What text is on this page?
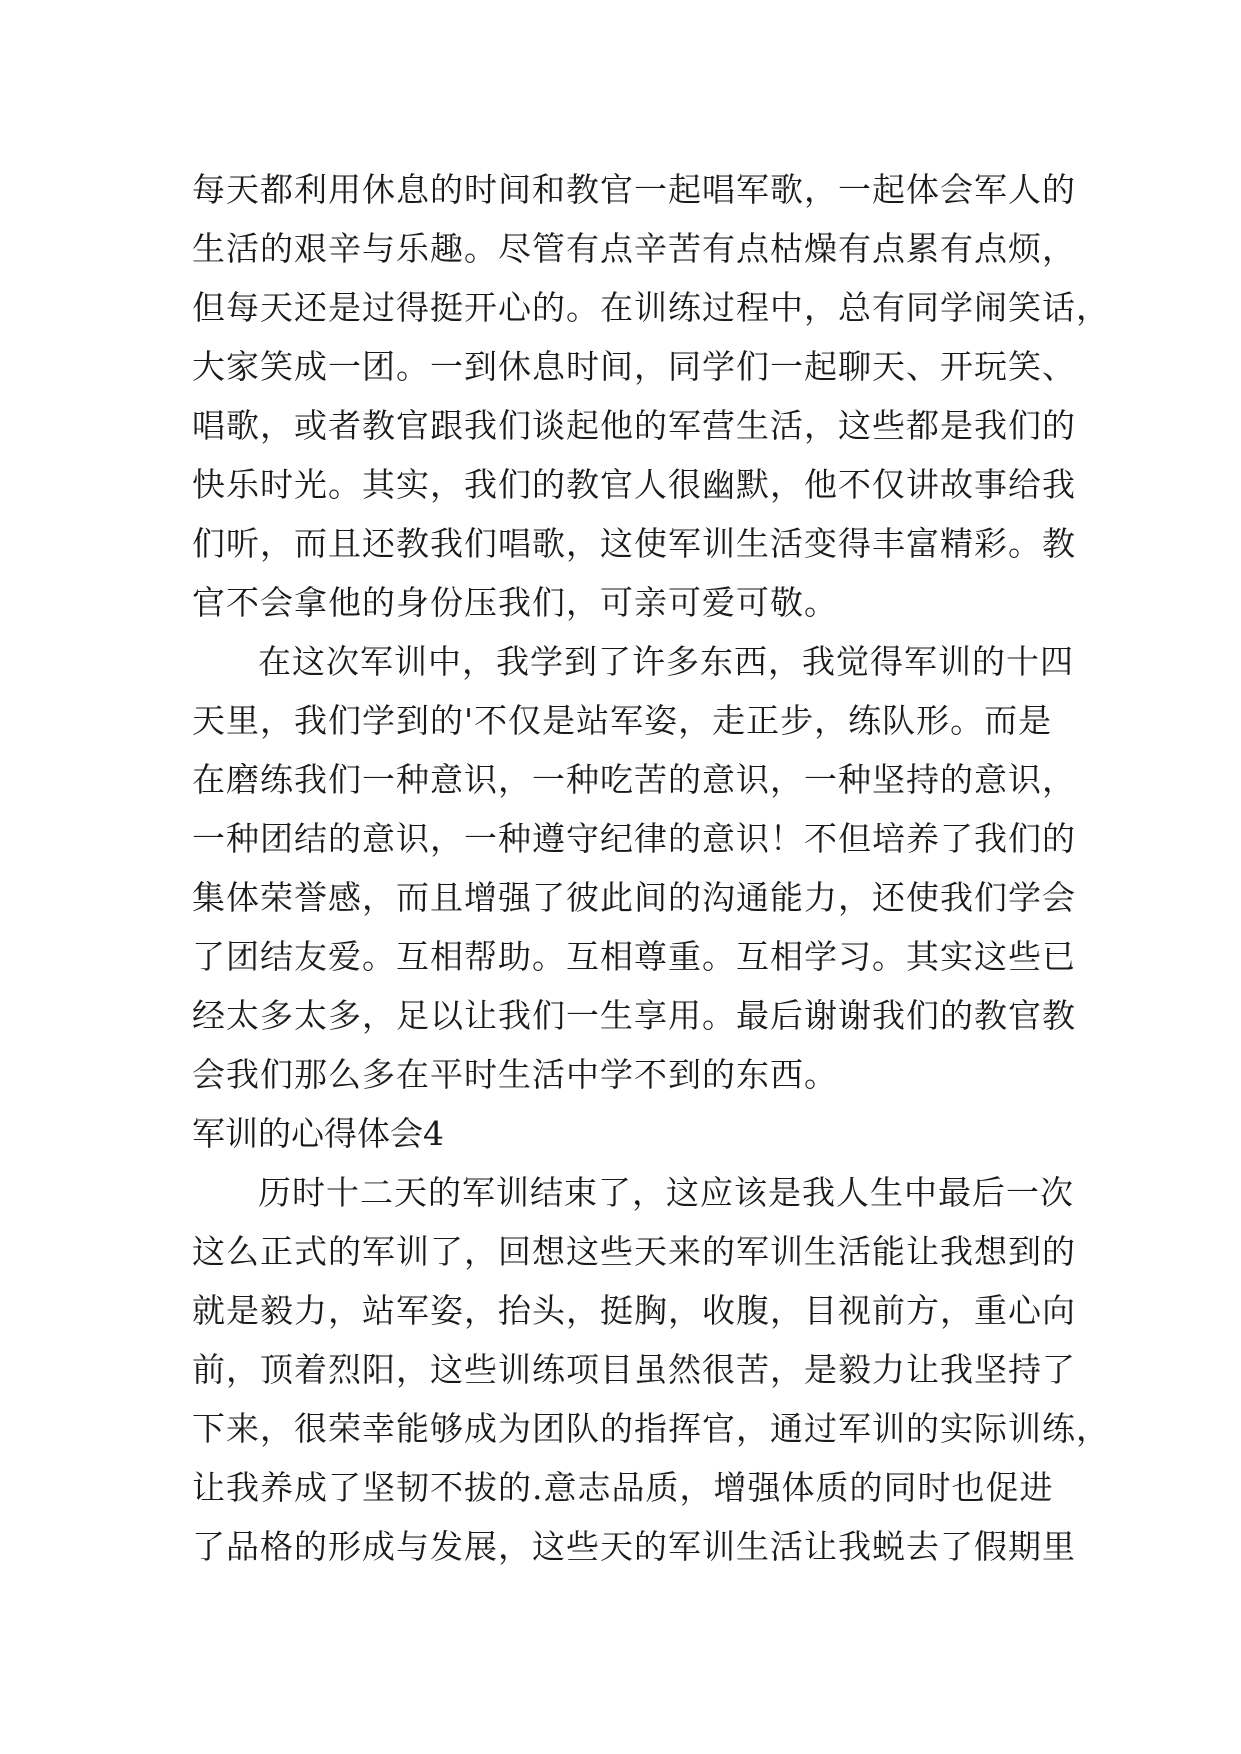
每天都利用休息的时间和教官一起唱军歌，一起体会军人的
生活的艰辛与乐趣。尽管有点辛苦有点枯燥有点累有点烦，
但每天还是过得挺开心的。在训练过程中，总有同学闹笑话，
大家笑成一团。一到休息时间，同学们一起聊天、开玩笑、
唱歌，或者教官跟我们谈起他的军营生活，这些都是我们的
快乐时光。其实，我们的教官人很幽默，他不仅讲故事给我
们听，而且还教我们唱歌，这使军训生活变得丰富精彩。教
官不会拿他的身份压我们，可亲可爱可敬。
在这次军训中，我学到了许多东西，我觉得军训的十四
天里，我们学到的'不仅是站军姿，走正步，练队形。而是
在磨练我们一种意识，一种吃苦的意识，一种坚持的意识，
一种团结的意识，一种遵守纪律的意识！不但培养了我们的
集体荣誉感，而且增强了彼此间的沟通能力，还使我们学会
了团结友爱。互相帮助。互相尊重。互相学习。其实这些已
经太多太多，足以让我们一生享用。最后谢谢我们的教官教
会我们那么多在平时生活中学不到的东西。
军训的心得体会4
历时十二天的军训结束了，这应该是我人生中最后一次
这么正式的军训了，回想这些天来的军训生活能让我想到的
就是毅力，站军姿，抬头，挺胸，收腹，目视前方，重心向
前，顶着烈阳，这些训练项目虽然很苦，是毅力让我坚持了
下来，很荣幸能够成为团队的指挥官，通过军训的实际训练，
让我养成了坚韧不拔的.意志品质，增强体质的同时也促进
了品格的形成与发展，这些天的军训生活让我蜕去了假期里
